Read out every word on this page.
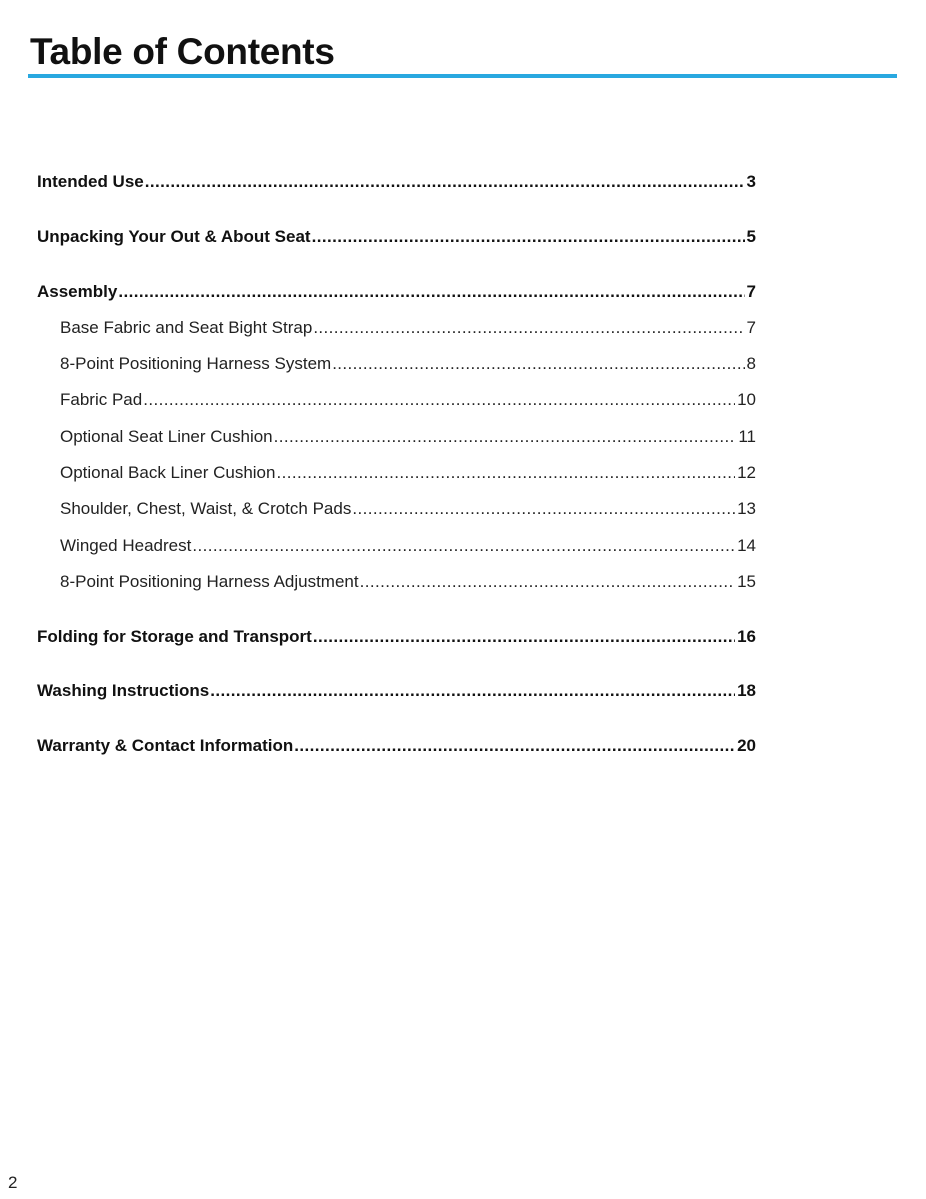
Table of Contents
Intended Use .....	3
Unpacking Your Out & About Seat .....	5
Assembly .....	7
Base Fabric and Seat Bight Strap .....	7
8-Point Positioning Harness System .....	8
Fabric Pad .....	10
Optional Seat Liner Cushion .....	11
Optional Back Liner Cushion .....	12
Shoulder, Chest, Waist, & Crotch Pads .....	13
Winged Headrest .....	14
8-Point Positioning Harness Adjustment .....	15
Folding for Storage and Transport .....	16
Washing Instructions .....	18
Warranty & Contact Information .....	20
2
